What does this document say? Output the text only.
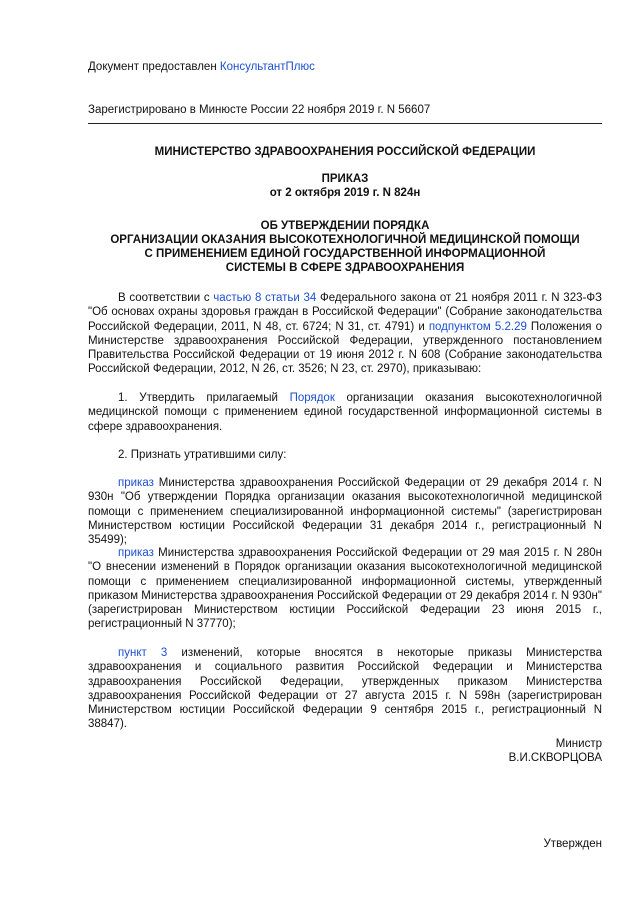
Документ предоставлен КонсультантПлюс
Зарегистрировано в Минюсте России 22 ноября 2019 г. N 56607
МИНИСТЕРСТВО ЗДРАВООХРАНЕНИЯ РОССИЙСКОЙ ФЕДЕРАЦИИ
ПРИКАЗ
от 2 октября 2019 г. N 824н
ОБ УТВЕРЖДЕНИИ ПОРЯДКА
ОРГАНИЗАЦИИ ОКАЗАНИЯ ВЫСОКОТЕХНОЛОГИЧНОЙ МЕДИЦИНСКОЙ ПОМОЩИ
С ПРИМЕНЕНИЕМ ЕДИНОЙ ГОСУДАРСТВЕННОЙ ИНФОРМАЦИОННОЙ
СИСТЕМЫ В СФЕРЕ ЗДРАВООХРАНЕНИЯ
В соответствии с частью 8 статьи 34 Федерального закона от 21 ноября 2011 г. N 323-ФЗ "Об основах охраны здоровья граждан в Российской Федерации" (Собрание законодательства Российской Федерации, 2011, N 48, ст. 6724; N 31, ст. 4791) и подпунктом 5.2.29 Положения о Министерстве здравоохранения Российской Федерации, утвержденного постановлением Правительства Российской Федерации от 19 июня 2012 г. N 608 (Собрание законодательства Российской Федерации, 2012, N 26, ст. 3526; N 23, ст. 2970), приказываю:
1. Утвердить прилагаемый Порядок организации оказания высокотехнологичной медицинской помощи с применением единой государственной информационной системы в сфере здравоохранения.
2. Признать утратившими силу:
приказ Министерства здравоохранения Российской Федерации от 29 декабря 2014 г. N 930н "Об утверждении Порядка организации оказания высокотехнологичной медицинской помощи с применением специализированной информационной системы" (зарегистрирован Министерством юстиции Российской Федерации 31 декабря 2014 г., регистрационный N 35499);
приказ Министерства здравоохранения Российской Федерации от 29 мая 2015 г. N 280н "О внесении изменений в Порядок организации оказания высокотехнологичной медицинской помощи с применением специализированной информационной системы, утвержденный приказом Министерства здравоохранения Российской Федерации от 29 декабря 2014 г. N 930н" (зарегистрирован Министерством юстиции Российской Федерации 23 июня 2015 г., регистрационный N 37770);
пункт 3 изменений, которые вносятся в некоторые приказы Министерства здравоохранения и социального развития Российской Федерации и Министерства здравоохранения Российской Федерации, утвержденных приказом Министерства здравоохранения Российской Федерации от 27 августа 2015 г. N 598н (зарегистрирован Министерством юстиции Российской Федерации 9 сентября 2015 г., регистрационный N 38847).
Министр
В.И.СКВОРЦОВА
Утвержден
